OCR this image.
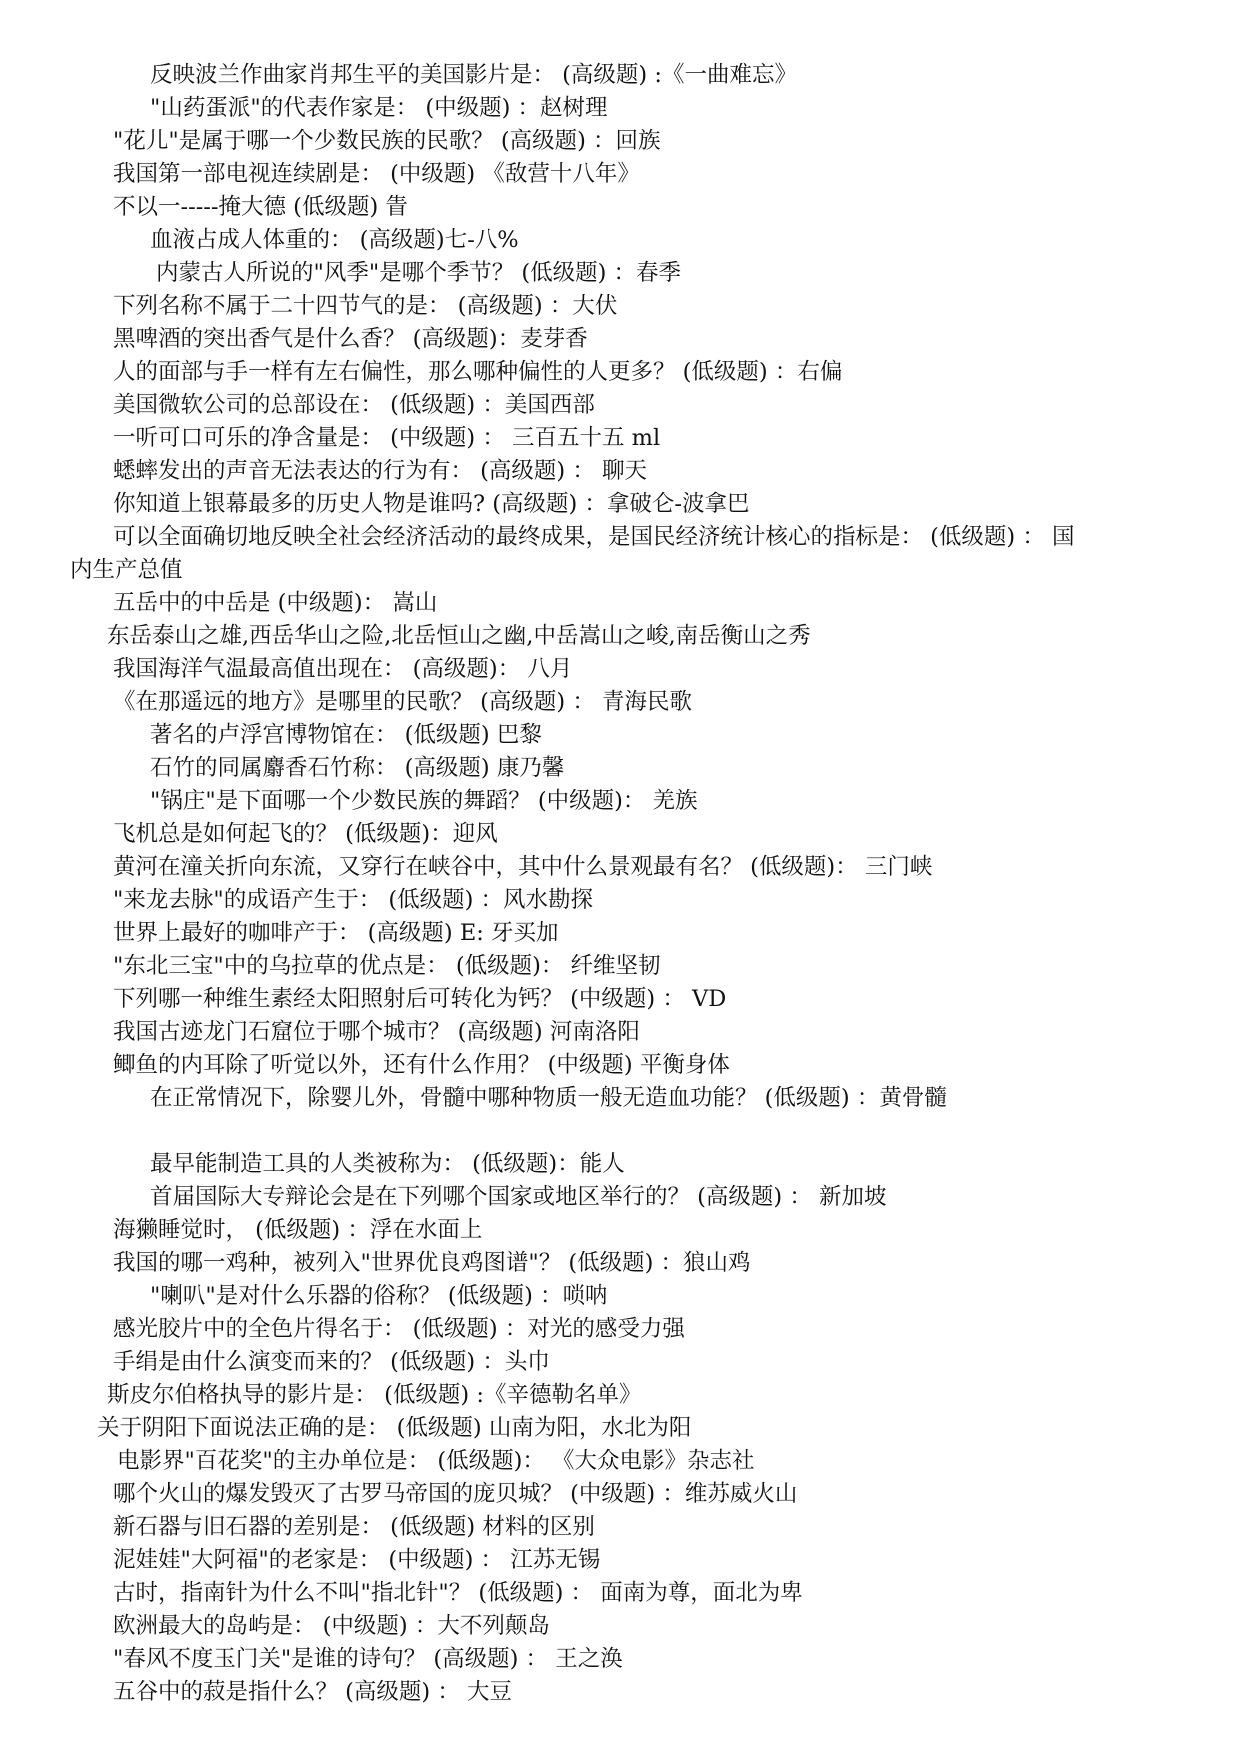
反映波兰作曲家肖邦生平的美国影片是： (高级题) :《一曲难忘》
"山药蛋派"的代表作家是： (中级题) ：赵树理
"花儿"是属于哪一个少数民族的民歌？ (高级题) ：回族
我国第一部电视连续剧是： (中级题) 《敌营十八年》
不以一-----掩大德 (低级题) 眚
血液占成人体重的： (高级题)七-八%
内蒙古人所说的"风季"是哪个季节？ (低级题) ：春季
下列名称不属于二十四节气的是： (高级题) ：大伏
黑啤酒的突出香气是什么香？ (高级题)：麦芽香
人的面部与手一样有左右偏性，那么哪种偏性的人更多？ (低级题) ：右偏
美国微软公司的总部设在： (低级题) ：美国西部
一听可口可乐的净含量是： (中级题) ： 三百五十五 ml
蟋蟀发出的声音无法表达的行为有： (高级题) ： 聊天
你知道上银幕最多的历史人物是谁吗? (高级题) ：拿破仑-波拿巴
可以全面确切地反映全社会经济活动的最终成果，是国民经济统计核心的指标是： (低级题) ： 国
内生产总值
五岳中的中岳是 (中级题)： 嵩山
东岳泰山之雄,西岳华山之险,北岳恒山之幽,中岳嵩山之峻,南岳衡山之秀
我国海洋气温最高值出现在： (高级题)： 八月
《在那遥远的地方》是哪里的民歌？ (高级题) ： 青海民歌
著名的卢浮宫博物馆在： (低级题) 巴黎
石竹的同属麝香石竹称： (高级题) 康乃馨
"锅庄"是下面哪一个少数民族的舞蹈？ (中级题)： 羌族
飞机总是如何起飞的？ (低级题)：迎风
黄河在潼关折向东流，又穿行在峡谷中，其中什么景观最有名？ (低级题)： 三门峡
"来龙去脉"的成语产生于： (低级题) ：风水勘探
世界上最好的咖啡产于： (高级题) E: 牙买加
"东北三宝"中的乌拉草的优点是： (低级题)： 纤维坚韧
下列哪一种维生素经太阳照射后可转化为钙？ (中级题) ： VD
我国古迹龙门石窟位于哪个城市？ (高级题) 河南洛阳
鲫鱼的内耳除了听觉以外，还有什么作用？ (中级题) 平衡身体
在正常情况下，除婴儿外，骨髓中哪种物质一般无造血功能？ (低级题) ：黄骨髓
最早能制造工具的人类被称为： (低级题)：能人
首届国际大专辩论会是在下列哪个国家或地区举行的？ (高级题) ： 新加坡
海獭睡觉时， (低级题) ：浮在水面上
我国的哪一鸡种，被列入"世界优良鸡图谱"？ (低级题) ：狼山鸡
"喇叭"是对什么乐器的俗称？ (低级题) ：唢呐
感光胶片中的全色片得名于： (低级题) ：对光的感受力强
手绢是由什么演变而来的？ (低级题) ：头巾
斯皮尔伯格执导的影片是： (低级题) :《辛德勒名单》
关于阴阳下面说法正确的是： (低级题) 山南为阳，水北为阳
电影界"百花奖"的主办单位是： (低级题)： 《大众电影》杂志社
哪个火山的爆发毁灭了古罗马帝国的庞贝城？ (中级题) ：维苏威火山
新石器与旧石器的差别是： (低级题) 材料的区别
泥娃娃"大阿福"的老家是： (中级题) ： 江苏无锡
古时，指南针为什么不叫"指北针"？ (低级题) ： 面南为尊，面北为卑
欧洲最大的岛屿是： (中级题) ：大不列颠岛
"春风不度玉门关"是谁的诗句？ (高级题) ： 王之涣
五谷中的菽是指什么？ (高级题) ： 大豆
